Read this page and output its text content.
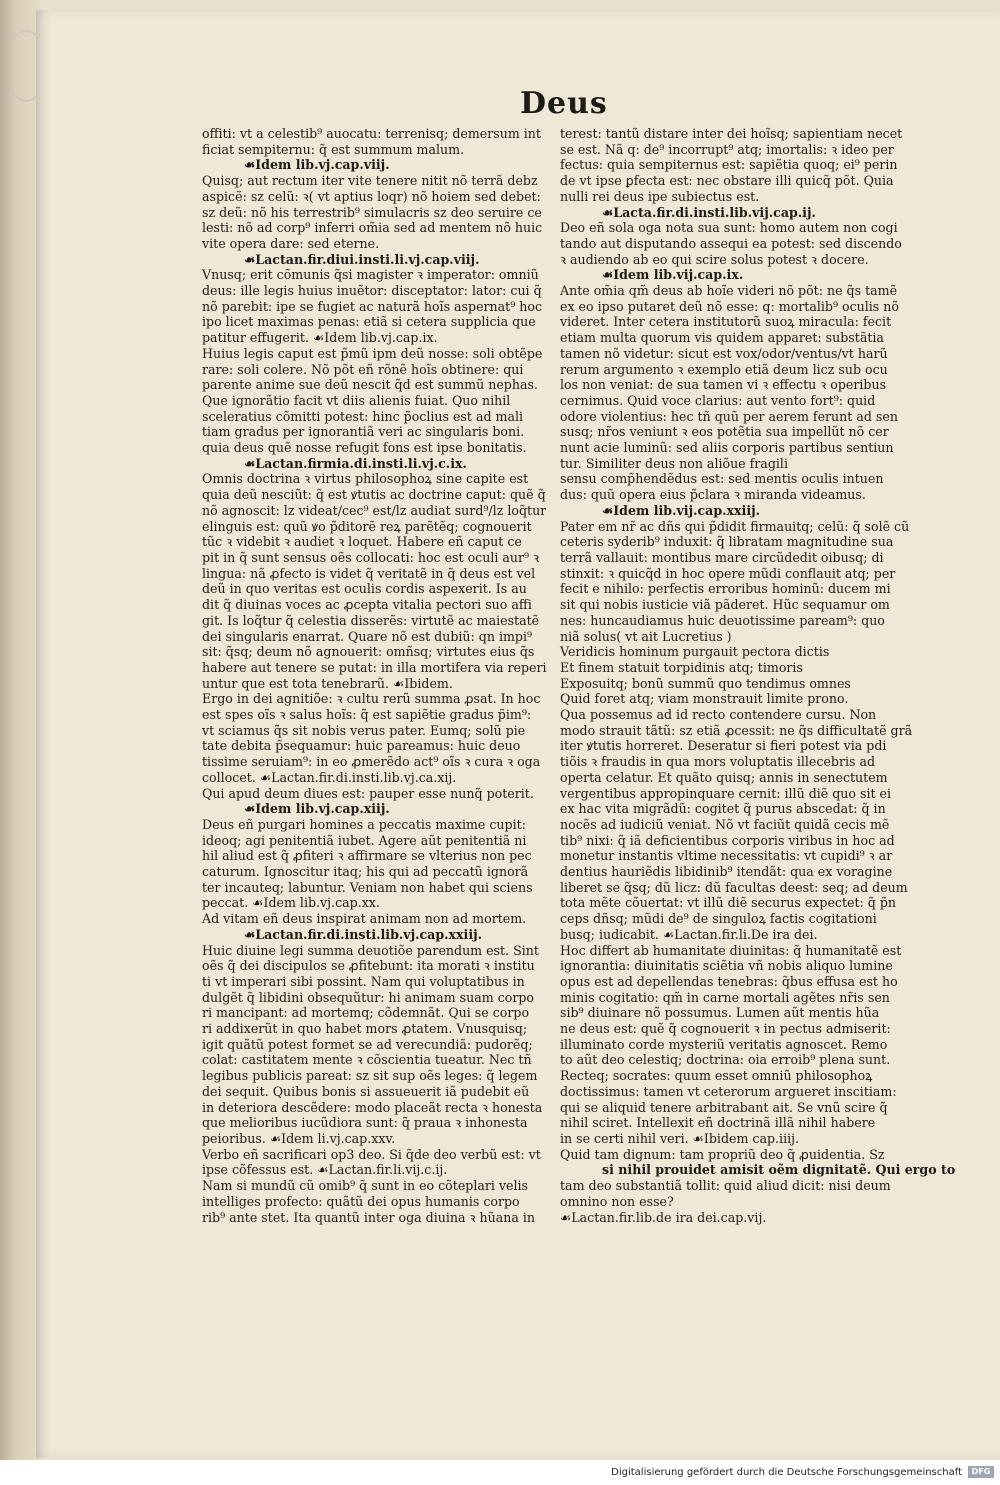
Deus
offiti: vt a celestib⁹ auocatu: terrenisq; demersum int
ficiat sempiternu: q̃ est summum malum.
☙Idem lib.vj.cap.viij.
Quisq; aut rectum iter vite tenere nitit nõ terrã debz
aspicẽ: sz celũ: ꝛ( vt aptius loqr) nõ hoiem sed debet:
sz deũ: nõ his terrestrib⁹ simulacris sz deo seruire ce
lesti: nõ ad corp⁹ inferri om̃ia sed ad mentem nõ huic
vite opera dare: sed eterne.
☙Lactan.fir.diui.insti.li.vj.cap.viij.
Vnusq; erit cõmunis q̃si magister ꝛ imperator: omniũ
deus: ille legis huius inuẽtor: disceptator: lator: cui q̃
nõ parebit: ipe se fugiet ac naturã hoĩs aspernat⁹ hoc
ipo licet maximas penas: etiã si cetera supplicia que
patitur effugerit. ☙Idem lib.vj.cap.ix.
Huius legis caput est p̃mũ ipm deũ nosse: soli obtẽpe
rare: soli colere. Nõ põt eñ rõnẽ hoĩs obtinere: qui
parente anime sue deũ nescit q̃d est summũ nephas.
Que ignorãtio facit vt diis alienis fuiat. Quo nihil
sceleratius cõmitti potest: hinc p̃oclius est ad mali
tiam gradus per ignorantiã veri ac singularis boni.
quia deus quẽ nosse refugit fons est ipse bonitatis.
☙Lactan.firmia.di.insti.li.vj.c.ix.
Omnis doctrina ꝛ virtus philosophoꝝ sine capite est
quia deũ nesciũt: q̃ est ꝟtutis ac doctrine caput: quẽ q̃
nõ agnoscit: lz videat/cec⁹ est/lz audiat surd⁹/lz loq̃tur
elinguis est: quũ ꝟo p̃ditorẽ reꝝ parẽtẽq; cognouerit
tũc ꝛ videbit ꝛ audiet ꝛ loquet. Habere eñ caput ce
pit in q̃ sunt sensus oẽs collocati: hoc est oculi aur⁹ ꝛ
lingua: nã ꝓfecto is videt q̃ veritatẽ in q̃ deus est vel
deũ in quo veritas est oculis cordis aspexerit. Is au
dit q̃ diuinas voces ac ꝓcepta vitalia pectori suo affi
git. Is loq̃tur q̃ celestia disserẽs: virtutẽ ac maiestatẽ
dei singularis enarrat. Quare nõ est dubiũ: qn impi⁹
sit: q̃sq; deum nõ agnouerit: omñsq; virtutes eius q̃s
habere aut tenere se putat: in illa mortifera via reperi
untur que est tota tenebrarũ. ☙Ibidem.
Ergo in dei agnitiõe: ꝛ cultu rerũ summa ꝓsat. In hoc
est spes oĩs ꝛ salus hoĩs: q̃ est sapiẽtie gradus p̃im⁹:
vt sciamus q̃s sit nobis verus pater. Eumq; solũ pie
tate debita p̃sequamur: huic pareamus: huic deuo
tissime seruiam⁹: in eo ꝓmerẽdo act⁹ oĩs ꝛ cura ꝛ oga
collocet. ☙Lactan.fir.di.insti.lib.vj.ca.xij.
Qui apud deum diues est: pauper esse nunq̃ poterit.
☙Idem lib.vj.cap.xiij.
Deus eñ purgari homines a peccatis maxime cupit:
ideoq; agi penitentiã iubet. Agere aũt penitentiã ni
hil aliud est q̃ ꝓfiteri ꝛ affirmare se vlterius non pec
caturum. Ignoscitur itaq; his qui ad peccatũ ignorã
ter incauteq; labuntur. Veniam non habet qui sciens
peccat. ☙Idem lib.vj.cap.xx.
Ad vitam eñ deus inspirat animam non ad mortem.
☙Lactan.fir.di.insti.lib.vj.cap.xxiij.
Huic diuine legi summa deuotiõe parendum est. Sint
oẽs q̃ dei discipulos se ꝓfitebunt: ita morati ꝛ institu
ti vt imperari sibi possint. Nam qui voluptatibus in
dulgẽt q̃ libidini obsequũtur: hi animam suam corpo
ri mancipant: ad mortemq; cõdemnãt. Qui se corpo
ri addixerũt in quo habet mors ꝓtatem. Vnusquisq;
igit quãtũ potest formet se ad verecundiã: pudorẽq;
colat: castitatem mente ꝛ cõscientia tueatur. Nec tñ
legibus publicis pareat: sz sit sup oẽs leges: q̃ legem
dei sequit. Quibus bonis si assueuerit iã pudebit eũ
in deteriora descẽdere: modo placeãt recta ꝛ honesta
que melioribus iucũdiora sunt: q̃ praua ꝛ inhonesta
peioribus. ☙Idem li.vj.cap.xxv.
Verbo eñ sacrificari op3 deo. Si q̃de deo verbũ est: vt
ipse cõfessus est. ☙Lactan.fir.li.vij.c.ij.
Nam si mundũ cũ omib⁹ q̃ sunt in eo cõteplari velis
intelliges profecto: quãtũ dei opus humanis corpo
rib⁹ ante stet. Ita quantũ inter oga diuina ꝛ hũana in
terest: tantũ distare inter dei hoĩsq; sapientiam necet
se est. Nã q: de⁹ incorrupt⁹ atq; imortalis: ꝛ ideo per
fectus: quia sempiternus est: sapiẽtia quoq; ei⁹ perin
de vt ipse ꝑfecta est: nec obstare illi quicq̃ põt. Quia
nulli rei deus ipe subiectus est.
☙Lacta.fir.di.insti.lib.vij.cap.ij.
Deo eñ sola oga nota sua sunt: homo autem non cogi
tando aut disputando assequi ea potest: sed discendo
ꝛ audiendo ab eo qui scire solus potest ꝛ docere.
☙Idem lib.vij.cap.ix.
Ante om̃ia qm̃ deus ab hoĩe videri nõ põt: ne q̃s tamẽ
ex eo ipso putaret deũ nõ esse: q: mortalib⁹ oculis nõ
videret. Inter cetera institutorũ suoꝝ miracula: fecit
etiam multa quorum vis quidem apparet: substãtia
tamen nõ videtur: sicut est vox/odor/ventus/vt harũ
rerum argumento ꝛ exemplo etiã deum licz sub ocu
los non veniat: de sua tamen vi ꝛ effectu ꝛ operibus
cernimus. Quid voce clarius: aut vento fort⁹: quid
odore violentius: hec tñ quũ per aerem ferunt ad sen
susq; nr̃os veniunt ꝛ eos potẽtia sua impellũt nõ cer
nunt acie luminũ: sed aliis corporis partibus sentiun
tur. Similiter deus non aliõue fragili
sensu comp̃hendẽdus est: sed mentis oculis intuen
dus: quũ opera eius p̃clara ꝛ miranda videamus.
☙Idem lib.vij.cap.xxiij.
Pater em nr̃ ac dñs qui p̃didit firmauitq; celũ: q̃ solẽ cũ
ceteris syderib⁹ induxit: q̃ libratam magnitudine sua
terrã vallauit: montibus mare circũdedit oibusq; di
stinxit: ꝛ quicq̃d in hoc opere mũdi conflauit atq; per
fecit e nihilo: perfectis erroribus hominũ: ducem mi
sit qui nobis iusticie viã pãderet. Hũc sequamur om
nes: huncaudiamus huic deuotissime paream⁹: quo
niã solus( vt ait Lucretius )
Veridicis hominum purgauit pectora dictis
Et finem statuit torpidinis atq; timoris
Exposuitq; bonũ summũ quo tendimus omnes
Quid foret atq; viam monstrauit limite prono.
Qua possemus ad id recto contendere cursu. Non
modo strauit tãtũ: sz etiã ꝓcessit: ne q̃s difficultatẽ grã
iter ꝟtutis horreret. Deseratur si fieri potest via pdi
tiõis ꝛ fraudis in qua mors voluptatis illecebris ad
operta celatur. Et quãto quisq; annis in senectutem
vergentibus appropinquare cernit: illũ diẽ quo sit ei
ex hac vita migrãdũ: cogitet q̃ purus abscedat: q̃ in
nocẽs ad iudiciũ veniat. Nõ vt faciũt quidã cecis mẽ
tib⁹ nixi: q̃ iã deficientibus corporis viribus in hoc ad
monetur instantis vltime necessitatis: vt cupidi⁹ ꝛ ar
dentius hauriẽdis libidinib⁹ itendãt: qua ex voragine
liberet se q̃sq; dũ licz: dũ facultas deest: seq; ad deum
tota mẽte cõuertat: vt illũ diẽ securus expectet: q̃ p̃n
ceps dñsq; mũdi de⁹ de singuloꝝ factis cogitationi
busq; iudicabit. ☙Lactan.fir.li.De ira dei.
Hoc differt ab humanitate diuinitas: q̃ humanitatẽ est
ignorantia: diuinitatis sciẽtia vñ nobis aliquo lumine
opus est ad depellendas tenebras: q̃bus effusa est ho
minis cogitatio: qm̃ in carne mortali agẽtes nr̃is sen
sib⁹ diuinare nõ possumus. Lumen aũt mentis hũa
ne deus est: quẽ q̃ cognouerit ꝛ in pectus admiserit:
illuminato corde mysteriũ veritatis agnoscet. Remo
to aũt deo celestiq; doctrina: oia erroib⁹ plena sunt.
Recteq; socrates: quum esset omniũ philosophoꝝ
doctissimus: tamen vt ceterorum argueret inscitiam:
qui se aliquid tenere arbitrabant ait. Se vnũ scire q̃
nihil sciret. Intellexit eñ doctrinã illã nihil habere
in se certi nihil veri. ☙Ibidem cap.iiij.
Quid tam dignum: tam propriũ deo q̃ ꝓuidentia. Sz
si nihil prouidet amisit oẽm dignitatẽ. Qui ergo to
tam deo substantiã tollit: quid aliud dicit: nisi deum
omnino non esse?
☙Lactan.fir.lib.de ira dei.cap.vij.
Digitalisierung gefördert durch die Deutsche Forschungsgemeinschaft	DFG
